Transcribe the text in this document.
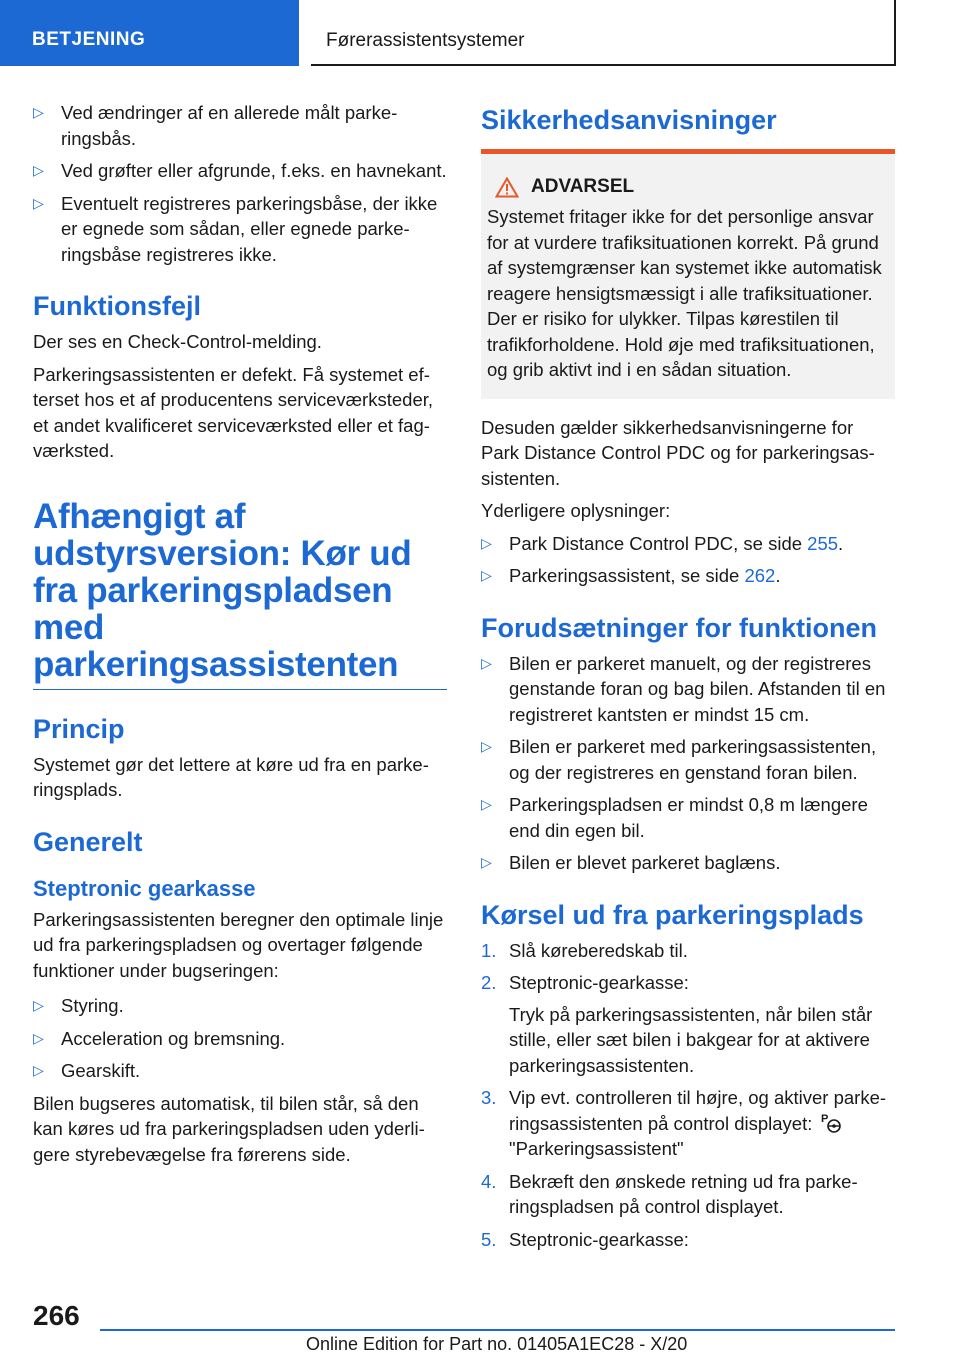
BETJENING	Førerassistentsystemer
▷ Ved ændringer af en allerede målt parkeringsbås.
▷ Ved grøfter eller afgrunde, f.eks. en havnekant.
▷ Eventuelt registreres parkeringsbåse, der ikke er egnede som sådan, eller egnede parkeringsbåse registreres ikke.
Funktionsfejl

Der ses en Check-Control-melding.

Parkeringsassistenten er defekt. Få systemet efterset hos et af producentens serviceværksteder, et andet kvalificeret serviceværksted eller et fagværksted.

Afhængigt af udstyrsversion: Kør ud fra parkeringspladsen med parkeringsassistenten
Princip

Systemet gør det lettere at køre ud fra en parkeringsplads.

Generelt
Steptronic gearkasse

Parkeringsassistenten beregner den optimale linje ud fra parkeringspladsen og overtager følgende funktioner under bugseringen:

▷ Styring.
▷ Acceleration og bremsning.
▷ Gearskift.

Bilen bugseres automatisk, til bilen står, så den kan køres ud fra parkeringspladsen uden yderligere styrebevægelse fra førerens side.

Sikkerhedsanvisninger
ADVARSEL

Systemet fritager ikke for det personlige ansvar for at vurdere trafiksituationen korrekt. På grund af systemgrænser kan systemet ikke automatisk reagere hensigtsmæssigt i alle trafiksituationer. Der er risiko for ulykker. Tilpas kørestilen til trafikforholdene. Hold øje med trafiksituationen, og grib aktivt ind i en sådan situation.

Desuden gælder sikkerhedsanvisningerne for Park Distance Control PDC og for parkeringsassistenten.

Yderligere oplysninger:

▷ Park Distance Control PDC, se side 255.
▷ Parkeringsassistent, se side 262.
Forudsætninger for funktionen
▷ Bilen er parkeret manuelt, og der registreres genstande foran og bag bilen. Afstanden til en registreret kantsten er mindst 15 cm.
▷ Bilen er parkeret med parkeringsassistenten, og der registreres en genstand foran bilen.
▷ Parkeringspladsen er mindst 0,8 m længere end din egen bil.
▷ Bilen er blevet parkeret baglæns.
Kørsel ud fra parkeringsplads
1. Slå køreberedskab til.
2. Steptronic-gearkasse:
Tryk på parkeringsassistenten, når bilen står stille, eller sæt bilen i bakgear for at aktivere parkeringsassistenten.
3. Vip evt. controlleren til højre, og aktiver parkeringsassistenten på control displayet: P

"Parkeringsassistent"
4. Bekræft den ønskede retning ud fra parkeringspladsen på control displayet.
5. Steptronic-gearkasse:
266
Online Edition for Part no. 01405A1EC28 - X/20
